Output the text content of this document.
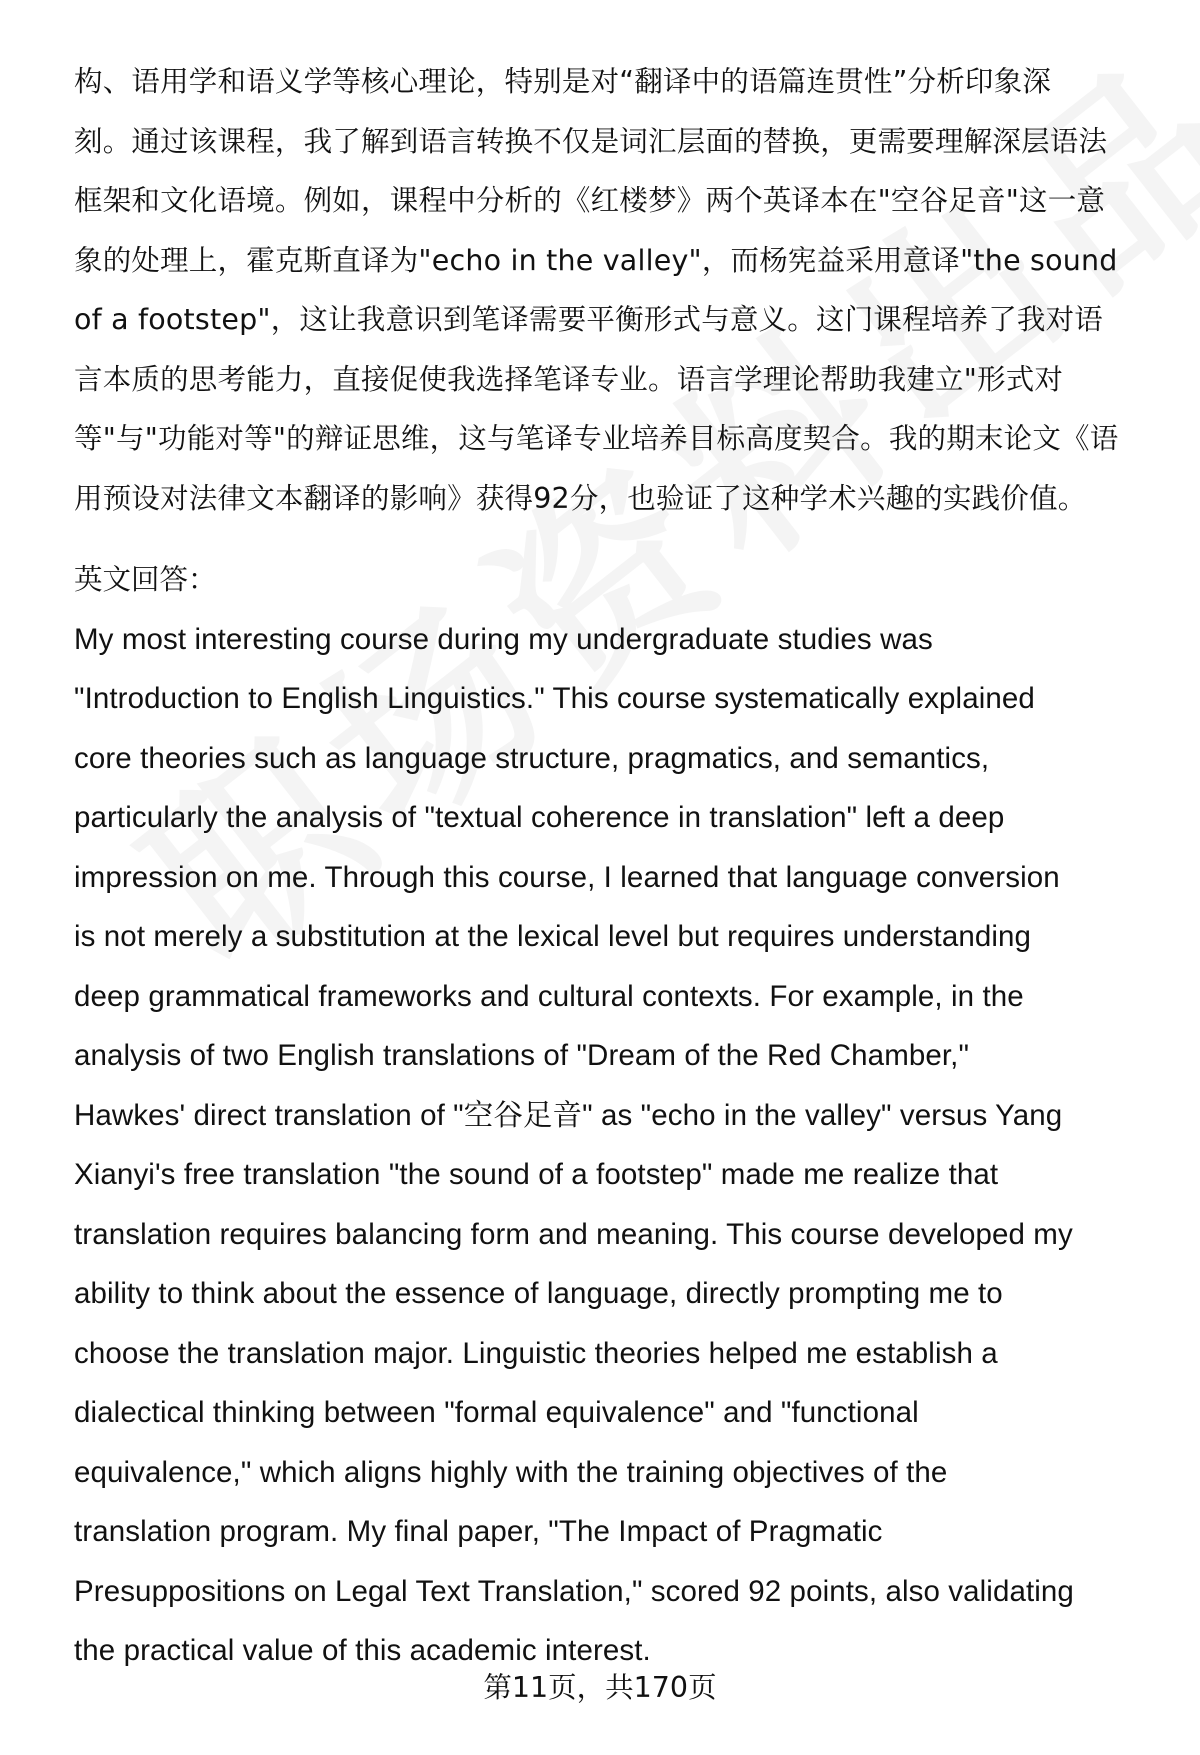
构、语用学和语义学等核心理论，特别是对“翻译中的语篇连贯性”分析印象深
刻。通过该课程，我了解到语言转换不仅是词汇层面的替换，更需要理解深层语法
框架和文化语境。例如，课程中分析的《红楼梦》两个英译本在"空谷足音"这一意
象的处理上，霍克斯直译为"echo in the valley"，而杨宪益采用意译"the sound
of a footstep"，这让我意识到笔译需要平衡形式与意义。这门课程培养了我对语
言本质的思考能力，直接促使我选择笔译专业。语言学理论帮助我建立"形式对
等"与"功能对等"的辩证思维，这与笔译专业培养目标高度契合。我的期末论文《语
用预设对法律文本翻译的影响》获得92分，也验证了这种学术兴趣的实践价值。

英文回答：

My most interesting course during my undergraduate studies was
"Introduction to English Linguistics." This course systematically explained
core theories such as language structure, pragmatics, and semantics,
particularly the analysis of "textual coherence in translation" left a deep
impression on me. Through this course, I learned that language conversion
is not merely a substitution at the lexical level but requires understanding
deep grammatical frameworks and cultural contexts. For example, in the
analysis of two English translations of "Dream of the Red Chamber,"
Hawkes' direct translation of "空谷足音" as "echo in the valley" versus Yang
Xianyi's free translation "the sound of a footstep" made me realize that
translation requires balancing form and meaning. This course developed my
ability to think about the essence of language, directly prompting me to
choose the translation major. Linguistic theories helped me establish a
dialectical thinking between "formal equivalence" and "functional
equivalence," which aligns highly with the training objectives of the
translation program. My final paper, "The Impact of Pragmatic
Presuppositions on Legal Text Translation," scored 92 points, also validating
the practical value of this academic interest.

第11页，共170页
